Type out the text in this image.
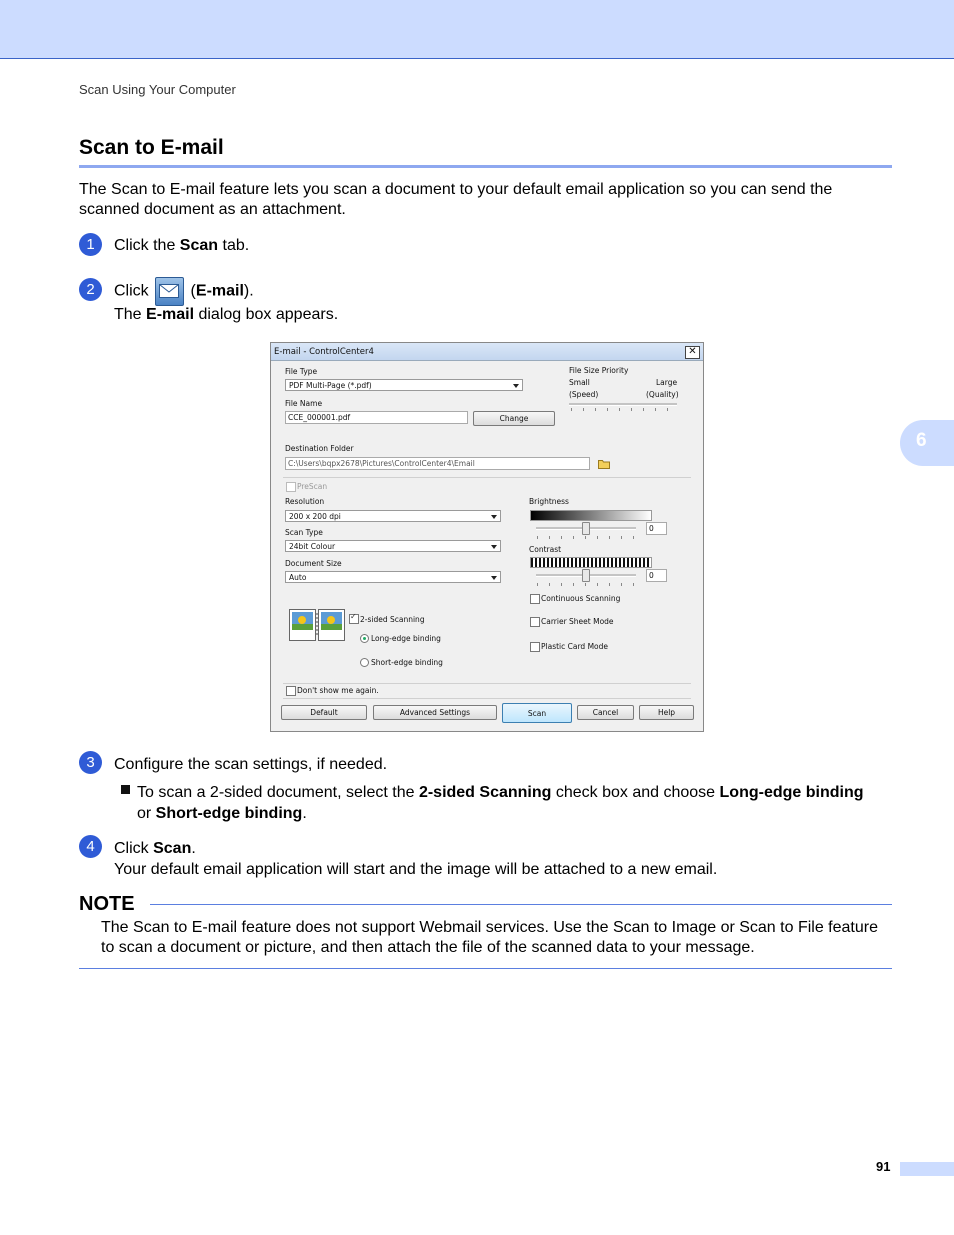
Scan Using Your Computer
6
Scan to E-mail
The Scan to E-mail feature lets you scan a document to your default email application so you can send the scanned document as an attachment.
1	Click the Scan tab.
2	Click
(E-mail).
The E-mail dialog box appears.
E-mail - ControlCenter4	✕
File Type
PDF Multi-Page (*.pdf)
File Size Priority
Small
(Speed)
Large
(Quality)
File Name
CCE_000001.pdf	Change
Destination Folder
C:\Users\bqpx2678\Pictures\ControlCenter4\Email
PreScan
Resolution
200 x 200 dpi
Scan Type
24bit Colour
Document Size
Auto
Brightness
0
Contrast
0
Continuous Scanning
✓
2-sided Scanning
Long-edge binding
Short-edge binding
Carrier Sheet Mode
Plastic Card Mode
Don't show me again.
Default	Advanced Settings	Scan	Cancel	Help
3	Configure the scan settings, if needed.
To scan a 2-sided document, select the 2-sided Scanning check box and choose Long-edge binding or Short-edge binding.
4	Click Scan.
Your default email application will start and the image will be attached to a new email.
NOTE
The Scan to E-mail feature does not support Webmail services. Use the Scan to Image or Scan to File feature to scan a document or picture, and then attach the file of the scanned data to your message.
91
